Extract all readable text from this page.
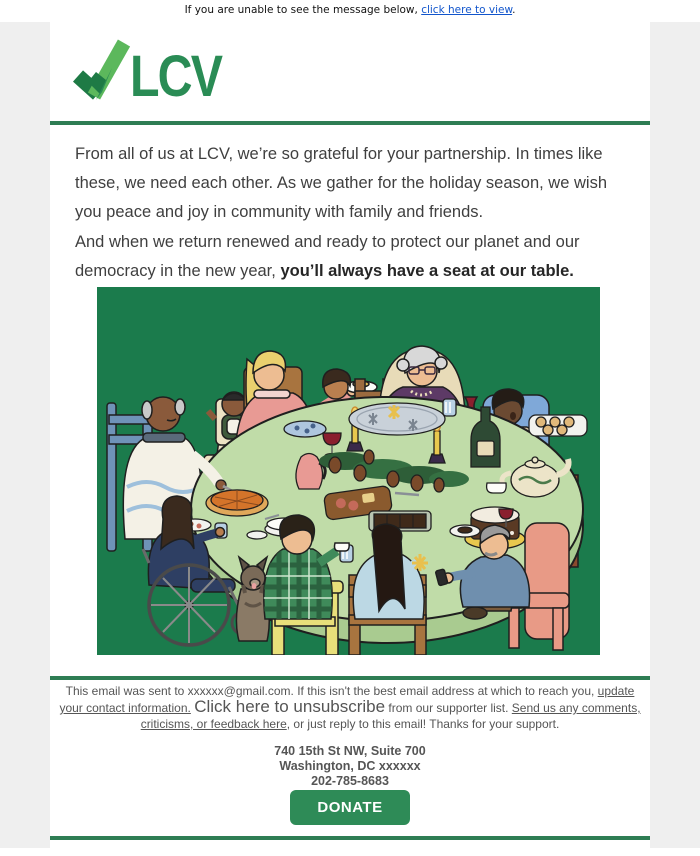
If you are unable to see the message below, click here to view.
LCV

From all of us at LCV, we’re so grateful for your partnership. In times like these, we need each other. As we gather for the holiday season, we wish you peace and joy in community with family and friends.

And when we return renewed and ready to protect our planet and our democracy in the new year, you’ll always have a seat at our table.

This email was sent to xxxxxx@gmail.com. If this isn't the best email address at which to reach you, update your contact information. Click here to unsubscribe from our supporter list. Send us any comments, criticisms, or feedback here, or just reply to this email! Thanks for your support.

740 15th St NW, Suite 700
Washington, DC xxxxxx
202-785-8683
DONATE
